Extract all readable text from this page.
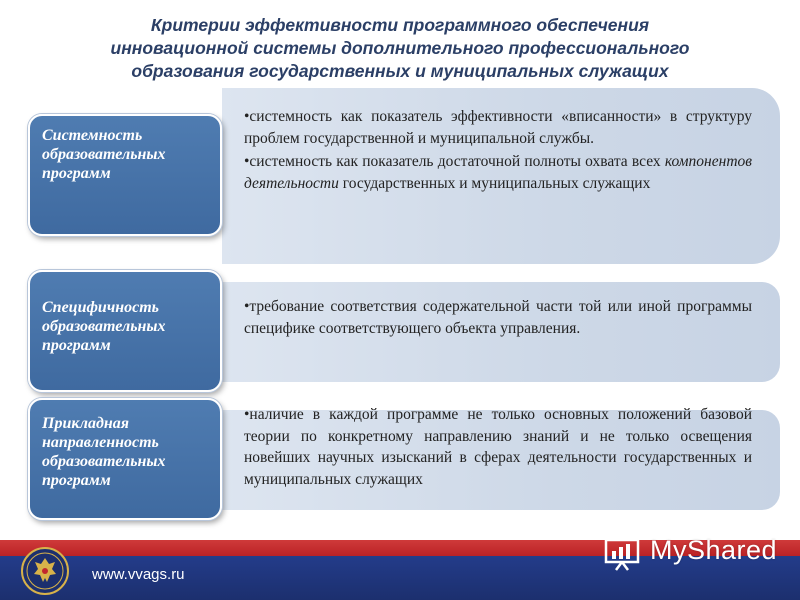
Критерии эффективности программного обеспечения
инновационной системы дополнительного профессионального
образования государственных и муниципальных служащих
Системность
образовательных
программ
•системность как показатель эффективности «вписанности» в структуру проблем государственной и муниципальной службы.
•системность как показатель достаточной полноты охвата всех компонентов деятельности государственных и муниципальных служащих
Специфичность
образовательных
программ
•требование соответствия содержательной части той или иной программы специфике соответствующего объекта управления.
Прикладная
направленность
образовательных
программ
•наличие в каждой программе не только основных положений базовой теории по конкретному направлению знаний и не только освещения новейших научных изысканий в сферах деятельности государственных и муниципальных служащих
www.vvags.ru
MyShared
